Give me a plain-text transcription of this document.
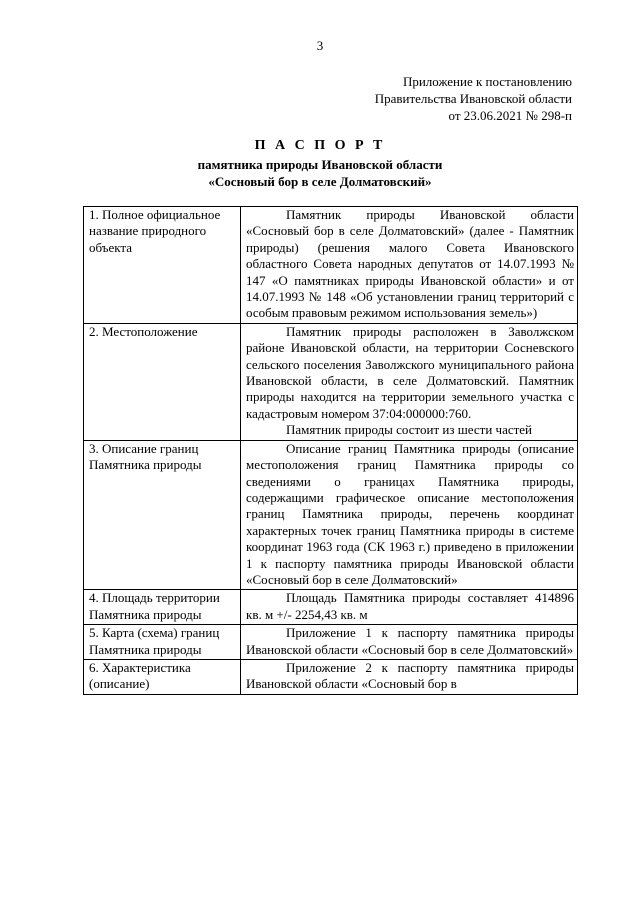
3
Приложение к постановлению
Правительства Ивановской области
от 23.06.2021 № 298-п
П А С П О Р Т
памятника природы Ивановской области
«Сосновый бор в селе Долматовский»
1. Полное официальное название природного объекта	Памятник природы Ивановской области «Сосновый бор в селе Долматовский» (далее - Памятник природы) (решения малого Совета Ивановского областного Совета народных депутатов от 14.07.1993 № 147 «О памятниках природы Ивановской области» и от 14.07.1993 № 148 «Об установлении границ территорий с особым правовым режимом использования земель»)

2. Местоположение	Памятник природы расположен в Заволжском районе Ивановской области, на территории Сосневского сельского поселения Заволжского муниципального района Ивановской области, в селе Долматовский. Памятник природы находится на территории земельного участка с кадастровым номером 37:04:000000:760.

Памятник природы состоит из шести частей

3. Описание границ Памятника природы	Описание границ Памятника природы (описание местоположения границ Памятника природы со сведениями о границах Памятника природы, содержащими графическое описание местоположения границ Памятника природы, перечень координат характерных точек границ Памятника природы в системе координат 1963 года (СК 1963 г.) приведено в приложении 1 к паспорту памятника природы Ивановской области «Сосновый бор в селе Долматовский»

4. Площадь территории Памятника природы	Площадь Памятника природы составляет 414896 кв. м +/- 2254,43 кв. м

5. Карта (схема) границ Памятника природы	Приложение 1 к паспорту памятника природы Ивановской области «Сосновый бор в селе Долматовский»

6. Характеристика (описание)	Приложение 2 к паспорту памятника природы Ивановской области «Сосновый бор в
